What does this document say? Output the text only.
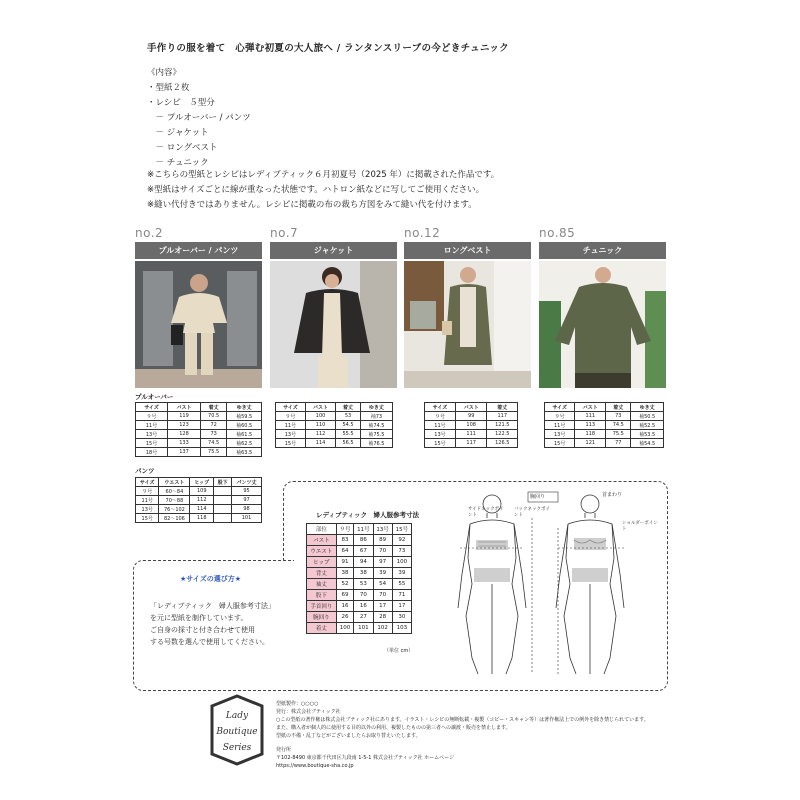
手作りの服を着て　心弾む初夏の大人旅へ / ランタンスリーブの今どきチュニック
《内容》
・型紙２枚
・レシピ　５型分
　－ プルオーバー / パンツ
　－ ジャケット
　－ ロングベスト
　－ チュニック
※こちらの型紙とレシピはレディブティック６月初夏号（2025 年）に掲載された作品です。
※型紙はサイズごとに線が重なった状態です。ハトロン紙などに写してご使用ください。
※縫い代付きではありません。レシピに掲載の布の裁ち方図をみて縫い代を付けます。
no.2
プルオーバー / パンツ
no.7
ジャケット
no.12
ロングベスト
no.85
チュニック
プルオーバー
サイズ	バスト	着丈	ゆき丈
９号	119	70.5	袖59.5
11号	123	72	袖60.5
13号	128	73	袖61.5
15号	133	74.5	袖62.5
18号	137	75.5	袖63.5
サイズ	バスト	着丈	ゆき丈
９号	100	53	袖73
11号	110	54.5	袖74.5
13号	112	55.5	袖75.5
15号	114	56.5	袖76.5
サイズ	バスト	着丈
９号	99	117
11号	108	121.5
13号	111	122.5
15号	117	126.5
サイズ	バスト	着丈	ゆき丈
９号	111	73	袖50.5
11号	113	74.5	袖52.5
13号	118	75.5	袖53.5
15号	121	77	袖54.5
パンツ
サイズ	ウエスト	ヒップ	股下	パンツ丈
９号	60〜84	109		95
11号	70〜88	112		97
13号	76〜102	114		98
15号	82〜106	118		101
★サイズの選び方★
「レディブティック　婦人服参考寸法」
を元に型紙を制作しています。
ご自身の採寸と付き合わせて使用
する号数を選んで使用してください。
レディブティック　婦人服参考寸法
部位	９号	11号	13号	15号
バスト	83	86	89	92
ウエスト	64	67	70	73
ヒップ	91	94	97	100
背丈	38	38	39	39
袖丈	52	53	54	55
股下	69	70	70	71
手首回り	16	16	17	17
腕回り	26	27	28	30
着丈	100	101	102	103
（単位 cm）
胸回り	首まわり
サイドネックポイント
バックネックポイント
ショルダーポイント
Lady
Boutique
Series
型紙製作：○○○○
発行：株式会社ブティック社
○この型紙の著作権は株式会社ブティック社にあります。イラスト・レシピの無断転載・複製（コピー・スキャン等）は著作権法上での例外を除き禁じられています。
また、購入者が個人的に使用する目的以外の利用、複製したものの第三者への譲渡・販売を禁止します。
型紙の不備・乱丁などがございましたらお取り替えいたします。
発行所
〒102-8490 東京都千代田区九段南 1-5-1 株式会社ブティック社 ホームページ
https://www.boutique-sha.co.jp
